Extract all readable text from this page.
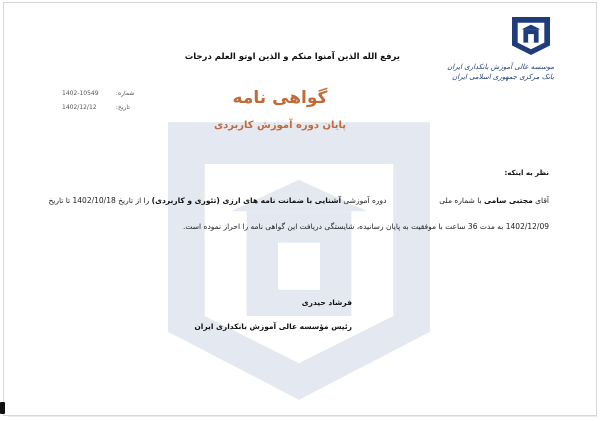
موسسه عالی آموزش بانکداری ایران
بانک مرکزی جمهوری اسلامی ایران
يرفع الله الذين آمنوا منكم و الذين اوتو العلم درجات
1402-10549	شماره:
1402/12/12	تاریخ:	گواهی نامه
پایان دوره آموزش کاربردی
نظر به اینکه:
آقای مجتبی سامی با شماره ملی  دوره آموزشی آشنایی با ضمانت نامه های ارزی (تئوری و کاربردی) را از تاریخ 1402/10/18 تا تاریخ
1402/12/09 به مدت 36 ساعت با موفقیت به پایان رسانیده، شایستگی دریافت این گواهی نامه را احراز نموده است.
فرشاد حیدری
رئیس مؤسسه عالی آموزش بانکداری ایران
